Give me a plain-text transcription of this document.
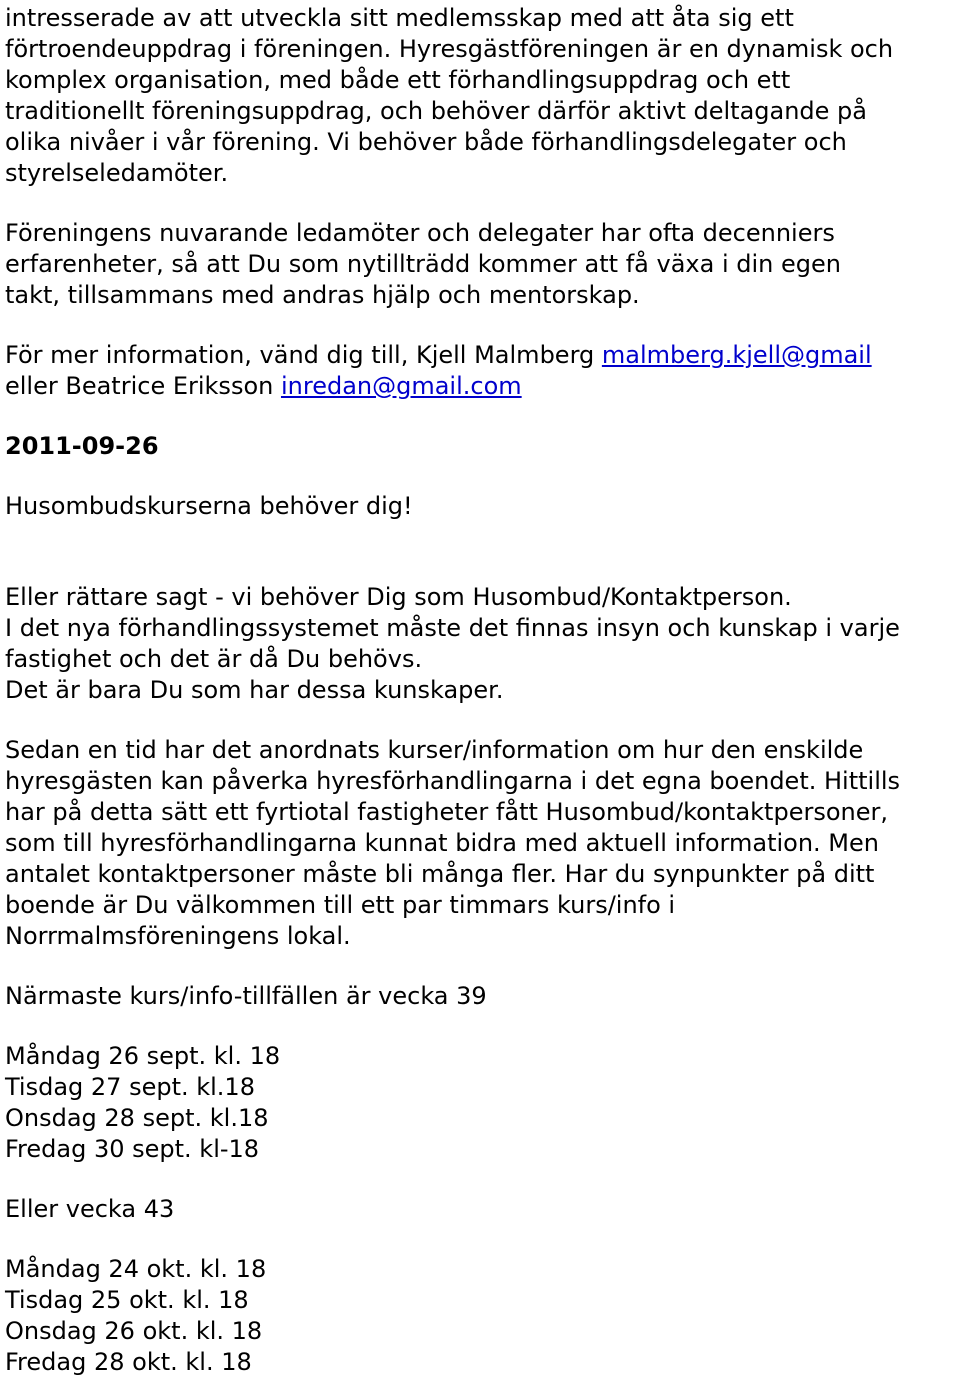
intresserade av att utveckla sitt medlemsskap med att åta sig ett
förtroendeuppdrag i föreningen. Hyresgästföreningen är en dynamisk och
komplex organisation, med både ett förhandlingsuppdrag och ett
traditionellt föreningsuppdrag, och behöver därför aktivt deltagande på
olika nivåer i vår förening. Vi behöver både förhandlingsdelegater och
styrelseledamöter.

Föreningens nuvarande ledamöter och delegater har ofta decenniers
erfarenheter, så att Du som nytillträdd kommer att få växa i din egen
takt, tillsammans med andras hjälp och mentorskap.

För mer information, vänd dig till, Kjell Malmberg malmberg.kjell@gmail
eller Beatrice Eriksson inredan@gmail.com

2011-09-26

Husombudskurserna behöver dig!

Eller rättare sagt - vi behöver Dig som Husombud/Kontaktperson.
I det nya förhandlingssystemet måste det finnas insyn och kunskap i varje
fastighet och det är då Du behövs.
Det är bara Du som har dessa kunskaper.

Sedan en tid har det anordnats kurser/information om hur den enskilde
hyresgästen kan påverka hyresförhandlingarna i det egna boendet. Hittills
har på detta sätt ett fyrtiotal fastigheter fått Husombud/kontaktpersoner,
som till hyresförhandlingarna kunnat bidra med aktuell information. Men
antalet kontaktpersoner måste bli många fler. Har du synpunkter på ditt
boende är Du välkommen till ett par timmars kurs/info i
Norrmalmsföreningens lokal.

Närmaste kurs/info-tillfällen är vecka 39

Måndag 26 sept. kl. 18
Tisdag 27 sept. kl.18
Onsdag 28 sept. kl.18
Fredag 30 sept. kl-18

Eller vecka 43

Måndag 24 okt. kl. 18
Tisdag 25 okt. kl. 18
Onsdag 26 okt. kl. 18
Fredag 28 okt. kl. 18
